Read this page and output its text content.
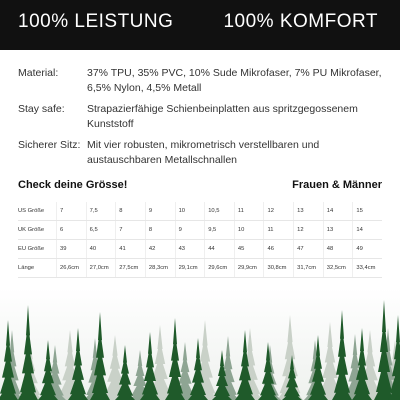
100% LEISTUNG	100% KOMFORT
Material:	37% TPU, 35% PVC, 10% Sude Mikrofaser, 7% PU Mikrofaser, 6,5% Nylon, 4,5% Metall
Stay safe:	Strapazierfähige Schienbeinplatten aus spritzgegossenem Kunststoff
Sicherer Sitz: Mit vier robusten, mikrometrisch verstellbaren und austauschbaren Metallschnallen
Check deine Grösse!	Frauen & Männer
US Größe	7	7,5	8	9	10	10,5	11	12	13	14	15
UK Größe	6	6,5	7	8	9	9,5	10	11	12	13	14
EU Größe	39	40	41	42	43	44	45	46	47	48	49
Länge	26,6cm	27,0cm	27,5cm	28,3cm	29,1cm	29,6cm	29,9cm	30,8cm	31,7cm	32,5cm	33,4cm
